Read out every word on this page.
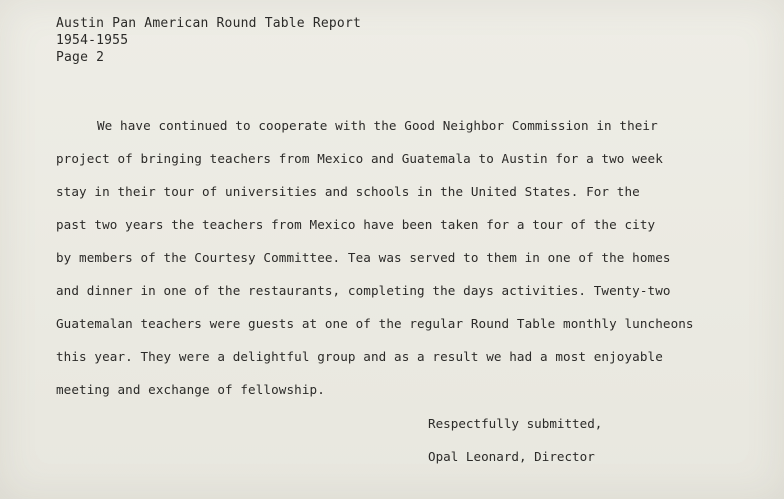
Austin Pan American Round Table Report
1954-1955
Page 2
We have continued to cooperate with the Good Neighbor Commission in their
project of bringing teachers from Mexico and Guatemala to Austin for a two week
stay in their tour of universities and schools in the United States. For the
past two years the teachers from Mexico have been taken for a tour of the city
by members of the Courtesy Committee. Tea was served to them in one of the homes
and dinner in one of the restaurants, completing the days activities. Twenty-two
Guatemalan teachers were guests at one of the regular Round Table monthly luncheons
this year. They were a delightful group and as a result we had a most enjoyable
meeting and exchange of fellowship.
Respectfully submitted,
Opal Leonard, Director
